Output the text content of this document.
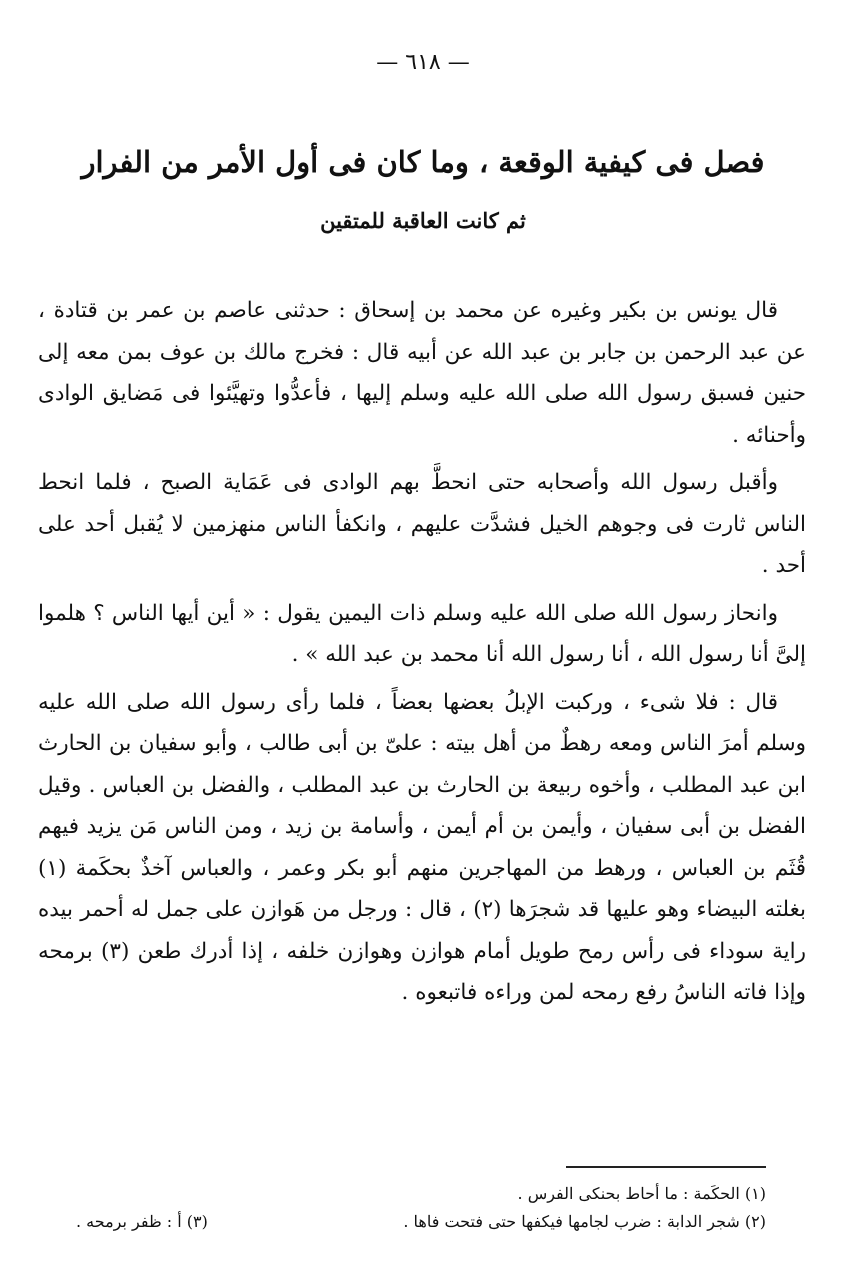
— ٦١٨ —
فصل فى كيفية الوقعة ، وما كان فى أول الأمر من الفرار
ثم كانت العاقبة للمتقين

قال يونس بن بكير وغيره عن محمد بن إسحاق : حدثنى عاصم بن عمر بن قتادة ، عن عبد الرحمن بن جابر بن عبد الله عن أبيه قال : فخرج مالك بن عوف بمن معه إلى حنين فسبق رسول الله صلى الله عليه وسلم إليها ، فأعدُّوا وتهيَّئوا فى مَضايق الوادى وأحنائه .

وأقبل رسول الله وأصحابه حتى انحطَّ بهم الوادى فى عَمَاية الصبح ، فلما انحط الناس ثارت فى وجوهم الخيل فشدَّت عليهم ، وانكفأ الناس منهزمين لا يُقبل أحد على أحد .

وانحاز رسول الله صلى الله عليه وسلم ذات اليمين يقول : « أين أيها الناس ؟ هلموا إلىَّ أنا رسول الله ، أنا رسول الله أنا محمد بن عبد الله » .

قال : فلا شىء ، وركبت الإبلُ بعضها بعضاً ، فلما رأى رسول الله صلى الله عليه وسلم أمرَ الناس ومعه رهطٌ من أهل بيته : علىّ بن أبى طالب ، وأبو سفيان بن الحارث ابن عبد المطلب ، وأخوه ربيعة بن الحارث بن عبد المطلب ، والفضل بن العباس . وقيل الفضل بن أبى سفيان ، وأيمن بن أم أيمن ، وأسامة بن زيد ، ومن الناس مَن يزيد فيهم قُثَم بن العباس ، ورهط من المهاجرين منهم أبو بكر وعمر ، والعباس آخذٌ بحكَمة (١) بغلته البيضاء وهو عليها قد شجرَها (٢) ، قال : ورجل من هَوازن على جمل له أحمر بيده راية سوداء فى رأس رمح طويل أمام هوازن وهوازن خلفه ، إذا أدرك طعن (٣) برمحه وإذا فاته الناسُ رفع رمحه لمن وراءه فاتبعوه .

(١) الحكَمة : ما أحاط بحنكى الفرس .
(٢) شجر الدابة : ضرب لجامها فيكفها حتى فتحت فاها .
(٣) أ : ظفر برمحه .
